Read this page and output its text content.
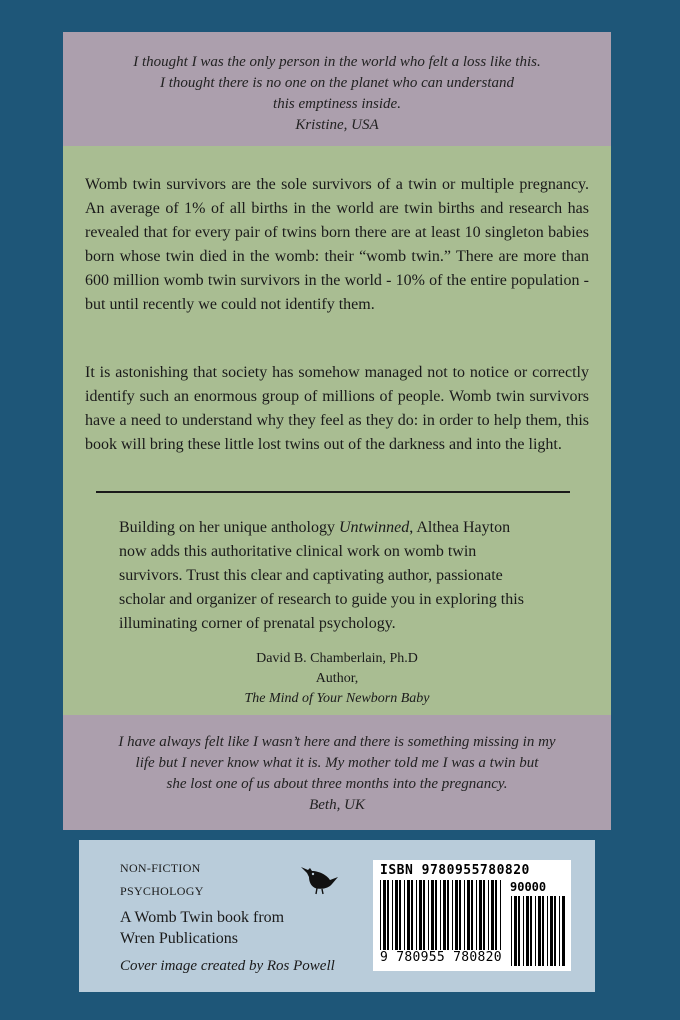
I thought I was the only person in the world who felt a loss like this.
I thought there is no one on the planet who can understand
this emptiness inside.
Kristine, USA

Womb twin survivors are the sole survivors of a twin or multiple pregnancy. An average of 1% of all births in the world are twin births and research has revealed that for every pair of twins born there are at least 10 singleton babies born whose twin died in the womb: their “womb twin.” There are more than 600 million womb twin survivors in the world - 10% of the entire population - but until recently we could not identify them.

It is astonishing that society has somehow managed not to notice or correctly identify such an enormous group of millions of people. Womb twin survivors have a need to understand why they feel as they do: in order to help them, this book will bring these little lost twins out of the darkness and into the light.

Building on her unique anthology Untwinned, Althea Hayton now adds this authoritative clinical work on womb twin survivors. Trust this clear and captivating author, passionate scholar and organizer of research to guide you in exploring this illuminating corner of prenatal psychology.

David B. Chamberlain, Ph.D
Author,
The Mind of Your Newborn Baby

I have always felt like I wasn’t here and there is something missing in my
life but I never know what it is. My mother told me I was a twin but
she lost one of us about three months into the pregnancy.
Beth, UK

NON-FICTION
PSYCHOLOGY
A Womb Twin book from
Wren Publications
Cover image created by Ros Powell
ISBN 9780955780820
90000
9 780955 780820
